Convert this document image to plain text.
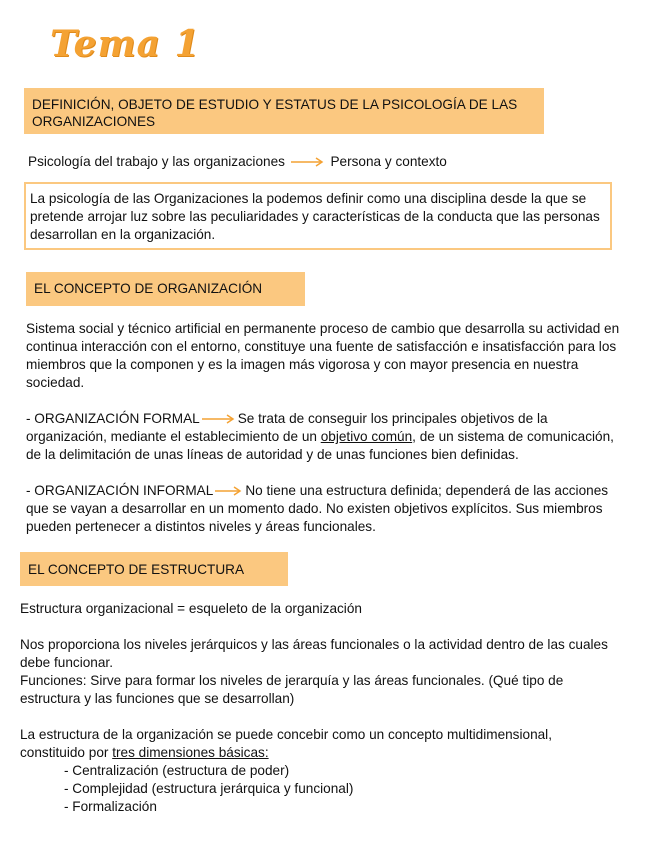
Tema 1
DEFINICIÓN, OBJETO DE ESTUDIO Y ESTATUS DE LA PSICOLOGÍA DE LAS ORGANIZACIONES
Psicología del trabajo y las organizaciones	Persona y contexto
La psicología de las Organizaciones la podemos definir como una disciplina desde la que se pretende arrojar luz sobre las peculiaridades y características de la conducta que las personas desarrollan en la organización.
EL CONCEPTO DE ORGANIZACIÓN
Sistema social y técnico artificial en permanente proceso de cambio que desarrolla su actividad en continua interacción con el entorno, constituye una fuente de satisfacción e insatisfacción para los miembros que la componen y es la imagen más vigorosa y con mayor presencia en nuestra sociedad.
- ORGANIZACIÓN FORMAL	Se trata de conseguir los principales objetivos de la organización, mediante el establecimiento de un objetivo común, de un sistema de comunicación, de la delimitación de unas líneas de autoridad y de unas funciones bien definidas.
- ORGANIZACIÓN INFORMAL No tiene una estructura definida; dependerá de las acciones que se vayan a desarrollar en un momento dado. No existen objetivos explícitos. Sus miembros pueden pertenecer a distintos niveles y áreas funcionales.
EL CONCEPTO DE ESTRUCTURA
Estructura organizacional = esqueleto de la organización
Nos proporciona los niveles jerárquicos y las áreas funcionales o la actividad dentro de las cuales debe funcionar.
Funciones: Sirve para formar los niveles de jerarquía y las áreas funcionales. (Qué tipo de estructura y las funciones que se desarrollan)
La estructura de la organización se puede concebir como un concepto multidimensional, constituido por tres dimensiones básicas:
- Centralización (estructura de poder)
- Complejidad (estructura jerárquica y funcional)
- Formalización
